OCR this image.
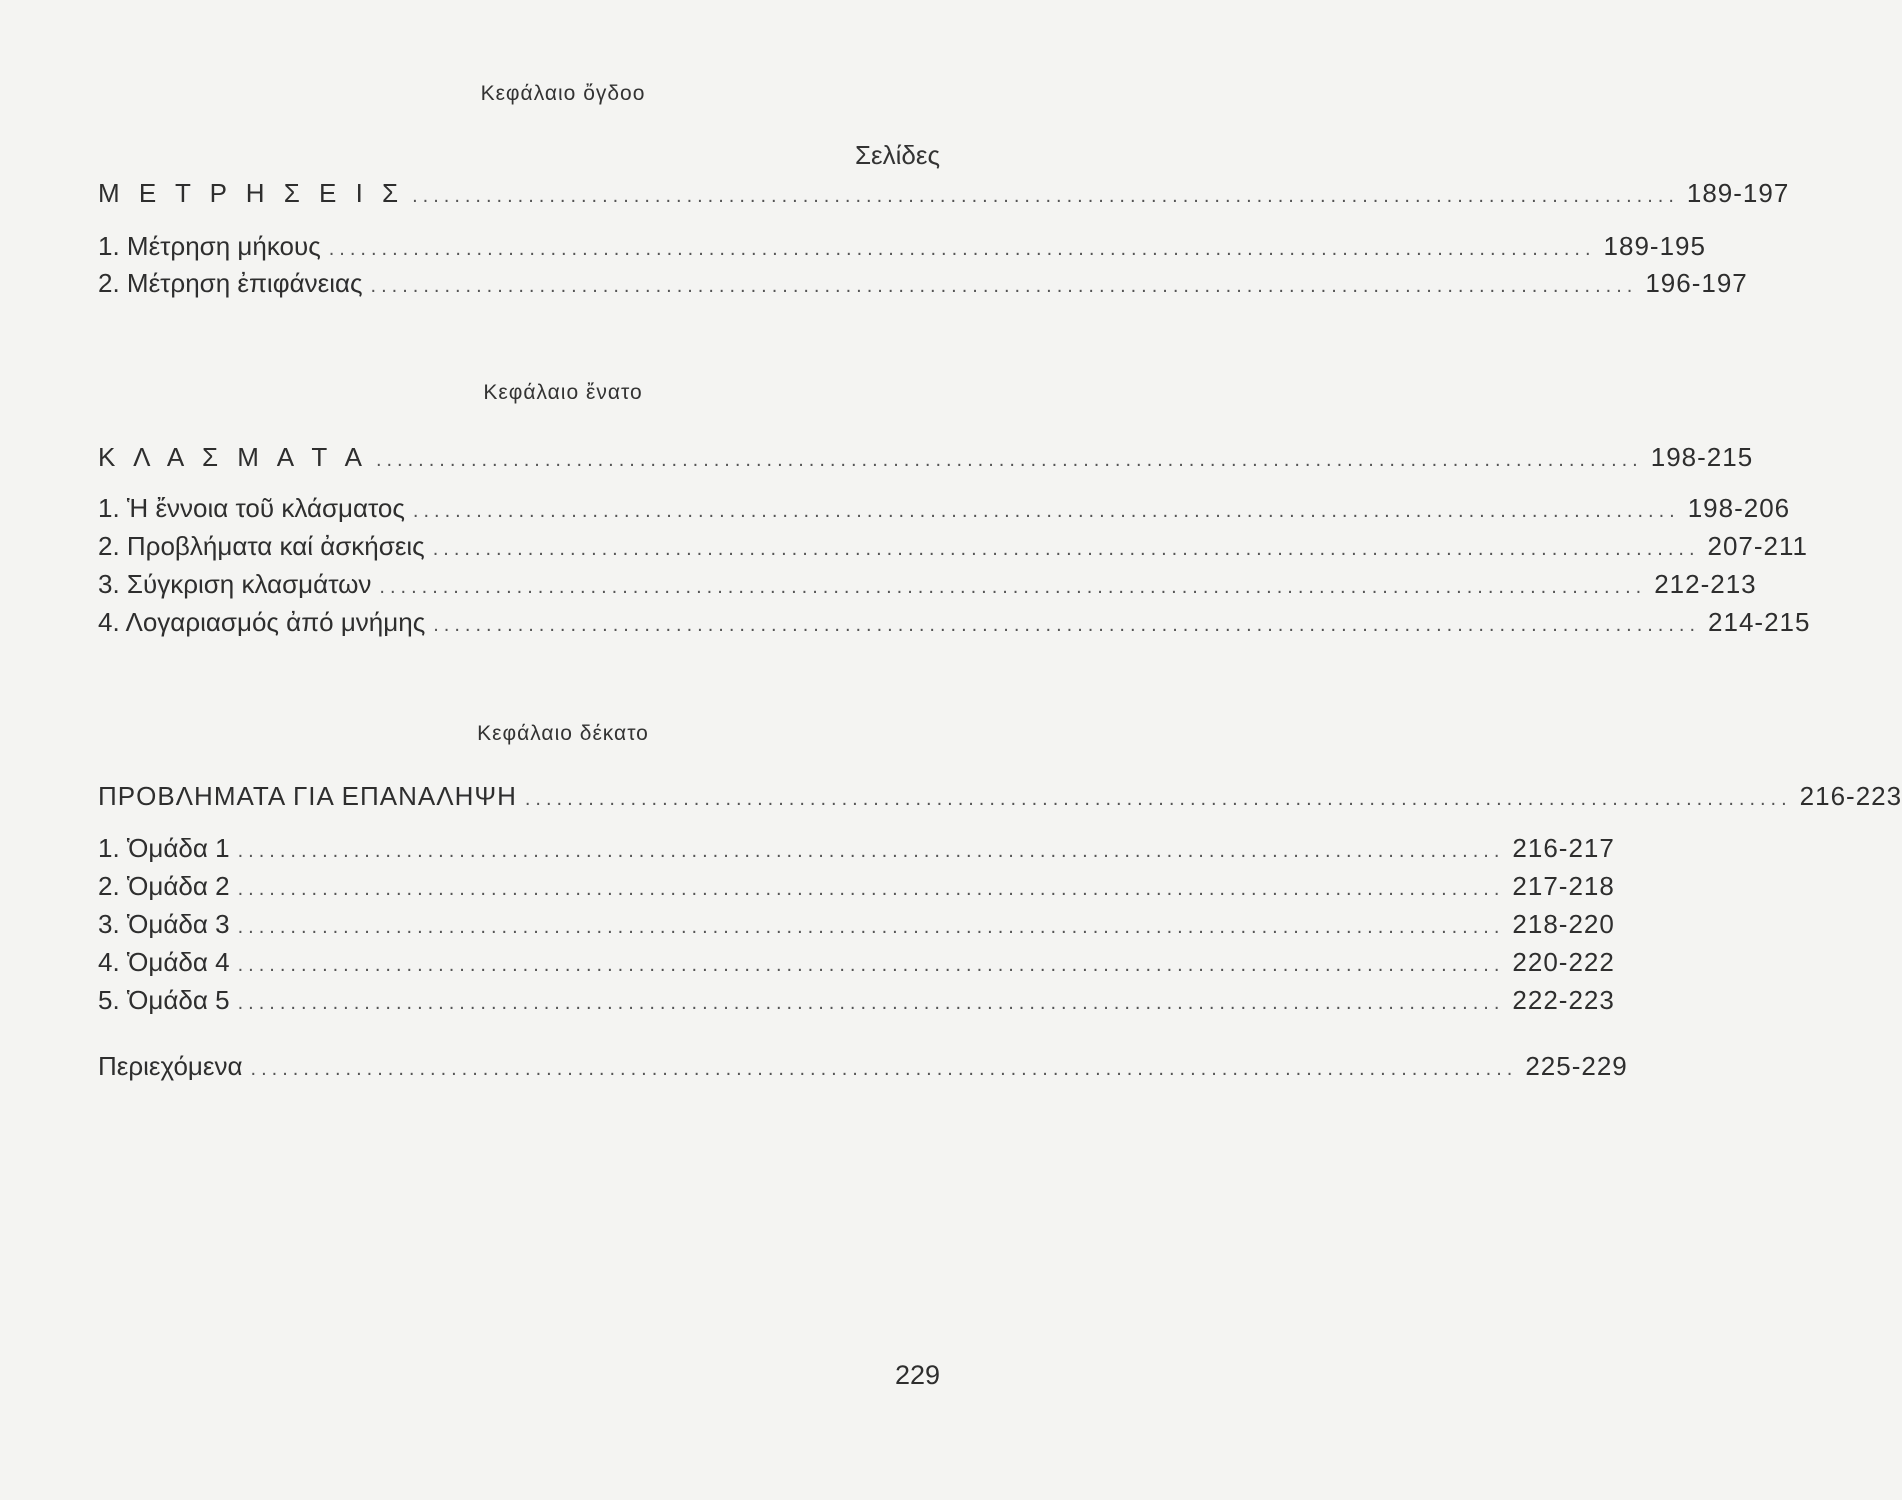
Κεφάλαιο ὄγδοο
Σελίδες
Μ Ε Τ Ρ Η Σ Ε Ι Σ ........................................................................................................................ 189-197
1. Μέτρηση μήκους ........................................................................................................................ 189-195
2. Μέτρηση ἐπιφάνειας ........................................................................................................................ 196-197
Κεφάλαιο ἔνατο
Κ Λ Α Σ Μ Α Τ Α ........................................................................................................................ 198-215
1. Ἡ ἔννοια τοῦ κλάσματος ........................................................................................................................ 198-206
2. Προβλήματα καί ἀσκήσεις ........................................................................................................................ 207-211
3. Σύγκριση κλασμάτων ........................................................................................................................ 212-213
4. Λογαριασμός ἀπό μνήμης ........................................................................................................................ 214-215
Κεφάλαιο δέκατο
ΠΡΟΒΛΗΜΑΤΑ ΓΙΑ ΕΠΑΝΑΛΗΨΗ ........................................................................................................................ 216-223
1. Ὁμάδα 1 ........................................................................................................................ 216-217
2. Ὁμάδα 2 ........................................................................................................................ 217-218
3. Ὁμάδα 3 ........................................................................................................................ 218-220
4. Ὁμάδα 4 ........................................................................................................................ 220-222
5. Ὁμάδα 5 ........................................................................................................................ 222-223
Περιεχόμενα ........................................................................................................................ 225-229
229
